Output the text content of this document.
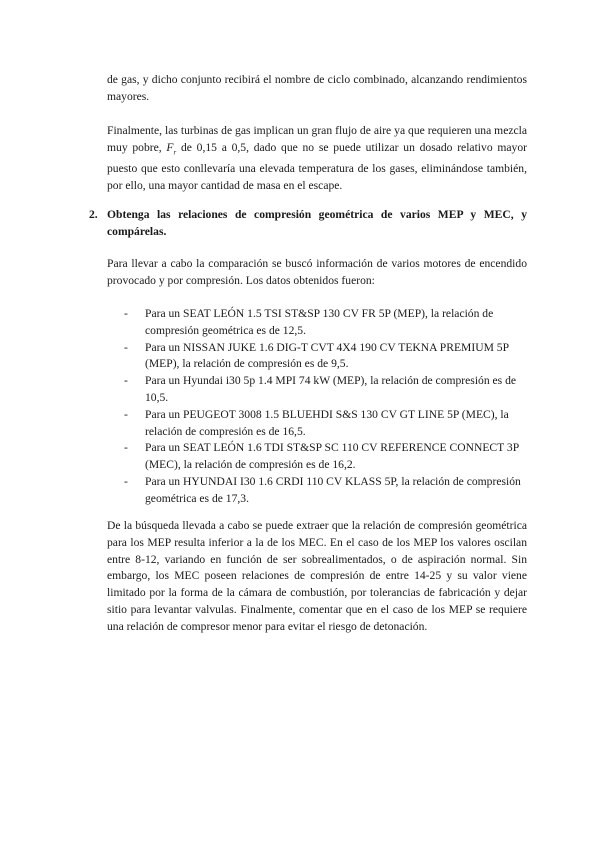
de gas, y dicho conjunto recibirá el nombre de ciclo combinado, alcanzando rendimientos mayores.

Finalmente, las turbinas de gas implican un gran flujo de aire ya que requieren una mezcla muy pobre, $F_r$ de 0,15 a 0,5, dado que no se puede utilizar un dosado relativo mayor puesto que esto conllevaría una elevada temperatura de los gases, eliminándose también, por ello, una mayor cantidad de masa en el escape.

2. Obtenga las relaciones de compresión geométrica de varios MEP y MEC, y compárelas.

Para llevar a cabo la comparación se buscó información de varios motores de encendido provocado y por compresión. Los datos obtenidos fueron:

-	Para un SEAT LEÓN 1.5 TSI ST&SP 130 CV FR 5P (MEP), la relación de compresión geométrica es de 12,5.
-	Para un NISSAN JUKE 1.6 DIG-T CVT 4X4 190 CV TEKNA PREMIUM 5P (MEP), la relación de compresión es de 9,5.
-	Para un Hyundai i30 5p 1.4 MPI 74 kW (MEP), la relación de compresión es de 10,5.
-	Para un PEUGEOT 3008 1.5 BLUEHDI S&S 130 CV GT LINE 5P (MEC), la relación de compresión es de 16,5.
-	Para un SEAT LEÓN 1.6 TDI ST&SP SC 110 CV REFERENCE CONNECT 3P (MEC), la relación de compresión es de 16,2.
-	Para un HYUNDAI I30 1.6 CRDI 110 CV KLASS 5P, la relación de compresión geométrica es de 17,3.

De la búsqueda llevada a cabo se puede extraer que la relación de compresión geométrica para los MEP resulta inferior a la de los MEC. En el caso de los MEP los valores oscilan entre 8-12, variando en función de ser sobrealimentados, o de aspiración normal. Sin embargo, los MEC poseen relaciones de compresión de entre 14-25 y su valor viene limitado por la forma de la cámara de combustión, por tolerancias de fabricación y dejar sitio para levantar valvulas. Finalmente, comentar que en el caso de los MEP se requiere una relación de compresor menor para evitar el riesgo de detonación.
